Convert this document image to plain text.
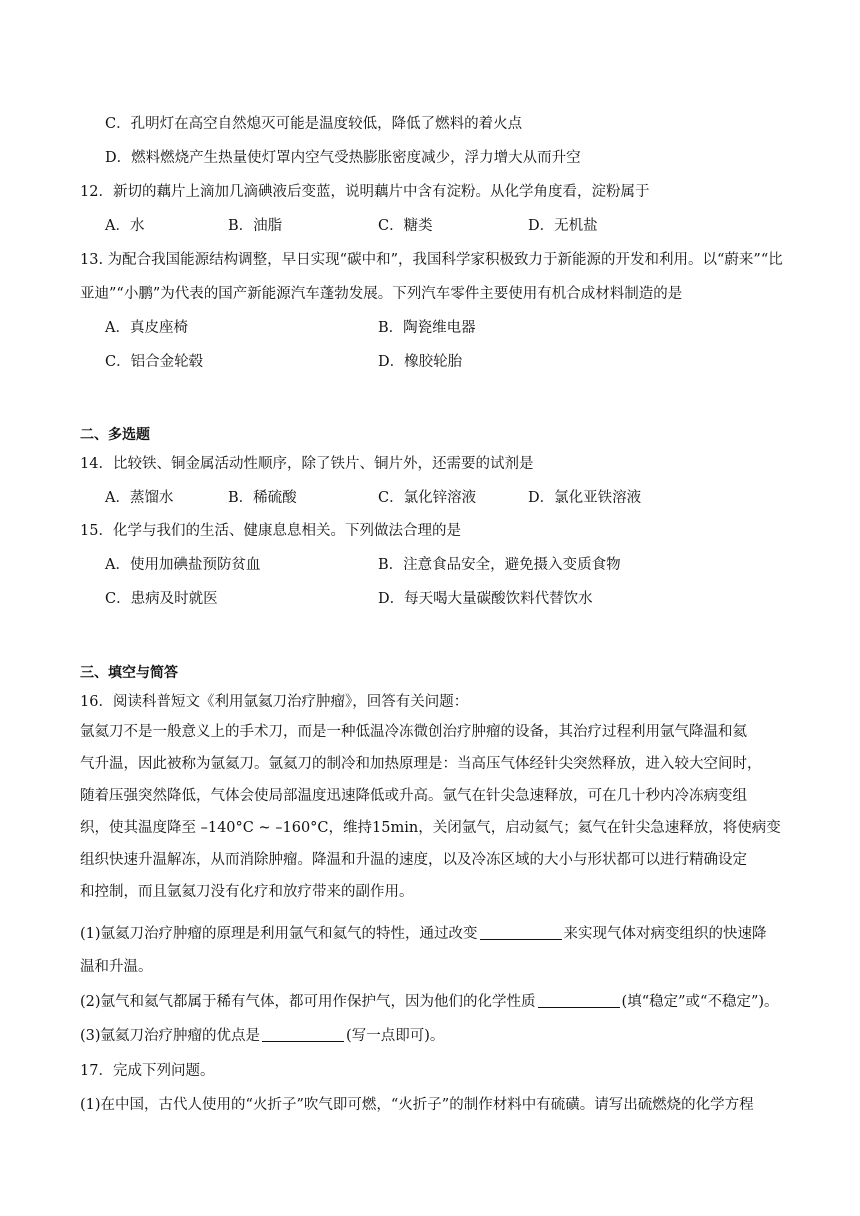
C．孔明灯在高空自然熄灭可能是温度较低，降低了燃料的着火点
D．燃料燃烧产生热量使灯罩内空气受热膨胀密度减少，浮力增大从而升空
12．新切的藕片上滴加几滴碘液后变蓝，说明藕片中含有淀粉。从化学角度看，淀粉属于
A．水	B．油脂	C．糖类	D．无机盐
13. 为配合我国能源结构调整，早日实现“碳中和”，我国科学家积极致力于新能源的开发和利用。以“蔚来”“比
亚迪”“小鹏”为代表的国产新能源汽车蓬勃发展。下列汽车零件主要使用有机合成材料制造的是
A．真皮座椅	B．陶瓷维电器
C．铝合金轮毂	D．橡胶轮胎
二、多选题
14．比较铁、铜金属活动性顺序，除了铁片、铜片外，还需要的试剂是
A．蒸馏水	B．稀硫酸	C．氯化锌溶液	D．氯化亚铁溶液
15．化学与我们的生活、健康息息相关。下列做法合理的是
A．使用加碘盐预防贫血	B．注意食品安全，避免摄入变质食物
C．患病及时就医	D．每天喝大量碳酸饮料代替饮水
三、填空与简答
16．阅读科普短文《利用氩氦刀治疗肿瘤》，回答有关问题：
氩氦刀不是一般意义上的手术刀，而是一种低温冷冻微创治疗肿瘤的设备，其治疗过程利用氩气降温和氦
气升温，因此被称为氩氦刀。氩氦刀的制冷和加热原理是：当高压气体经针尖突然释放，进入较大空间时，
随着压强突然降低，气体会使局部温度迅速降低或升高。氩气在针尖急速释放，可在几十秒内冷冻病变组
织，使其温度降至 –140°C ~ –160°C，维持15min，关闭氩气，启动氦气；氦气在针尖急速释放，将使病变
组织快速升温解冻，从而消除肿瘤。降温和升温的速度，以及冷冻区域的大小与形状都可以进行精确设定
和控制，而且氩氦刀没有化疗和放疗带来的副作用。
(1)氩氦刀治疗肿瘤的原理是利用氩气和氦气的特性，通过改变	来实现气体对病变组织的快速降
温和升温。
(2)氩气和氦气都属于稀有气体，都可用作保护气，因为他们的化学性质	(填“稳定”或“不稳定”)。
(3)氩氦刀治疗肿瘤的优点是	(写一点即可)。
17．完成下列问题。
(1)在中国，古代人使用的“火折子”吹气即可燃，“火折子”的制作材料中有硫磺。请写出硫燃烧的化学方程
